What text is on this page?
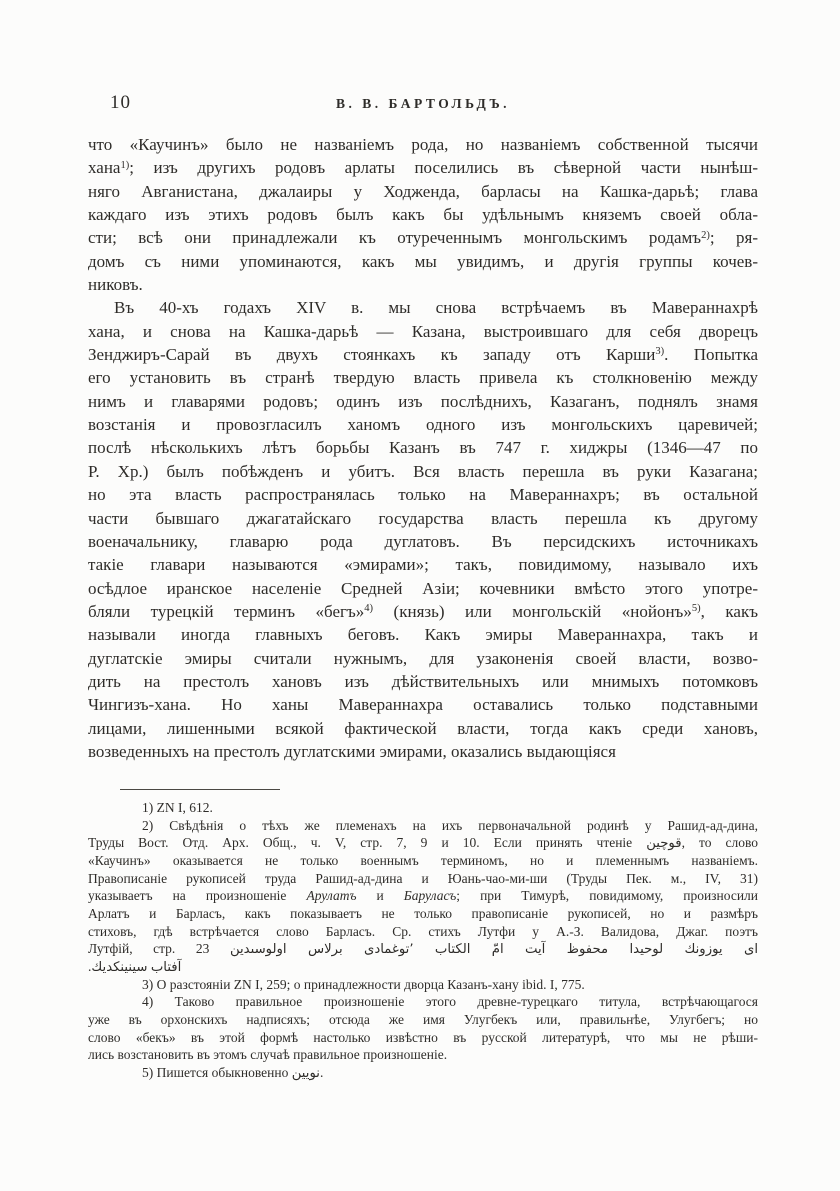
10	В. В. БАРТОЛЬДЪ.
что «Каучинъ» было не названіемъ рода, но названіемъ собственной тысячи
хана$^{1)}$; изъ другихъ родовъ арлаты поселились въ сѣверной части нынѣш-
няго Авганистана, джалаиры у Ходженда, барласы на Кашка-дарьѣ; глава
каждаго изъ этихъ родовъ былъ какъ бы удѣльнымъ княземъ своей обла-
сти; всѣ они принадлежали къ отуреченнымъ монгольскимъ родамъ$^{2)}$; ря-
домъ съ ними упоминаются, какъ мы увидимъ, и другія группы кочев-
никовъ.
Въ 40-хъ годахъ XIV в. мы снова встрѣчаемъ въ Мавераннахрѣ
хана, и снова на Кашка-дарьѣ — Казана, выстроившаго для себя дворецъ
Зенджиръ-Сарай въ двухъ стоянкахъ къ западу отъ Карши$^{3)}$. Попытка
его установить въ странѣ твердую власть привела къ столкновенію между
нимъ и главарями родовъ; одинъ изъ послѣднихъ, Казаганъ, поднялъ знамя
возстанія и провозгласилъ ханомъ одного изъ монгольскихъ царевичей;
послѣ нѣсколькихъ лѣтъ борьбы Казанъ въ 747 г. хиджры (1346—47 по
Р. Хр.) былъ побѣжденъ и убитъ. Вся власть перешла въ руки Казагана;
но эта власть распространялась только на Мавераннахръ; въ остальной
части бывшаго джагатайскаго государства власть перешла къ другому
военачальнику, главарю рода дуглатовъ. Въ персидскихъ источникахъ
такіе главари называются «эмирами»; такъ, повидимому, называло ихъ
осѣдлое иранское населеніе Средней Азіи; кочевники вмѣсто этого употре-
бляли турецкій терминъ «бегъ»$^{4)}$ (князь) или монгольскій «нойонъ»$^{5)}$, какъ
называли иногда главныхъ беговъ. Какъ эмиры Мавераннахра, такъ и
дуглатскіе эмиры считали нужнымъ, для узаконенія своей власти, возво-
дить на престолъ хановъ изъ дѣйствительныхъ или мнимыхъ потомковъ
Чингизъ-хана. Но ханы Мавераннахра оставались только подставными
лицами, лишенными всякой фактической власти, тогда какъ среди хановъ,
возведенныхъ на престолъ дуглатскими эмирами, оказались выдающіяся
1) ZN I, 612.
2) Свѣдѣнія о тѣхъ же племенахъ на ихъ первоначальной родинѣ у Рашид-ад-дина,
Труды Вост. Отд. Арх. Общ., ч. V, стр. 7, 9 и 10. Если принять чтеніе قوچين, то слово
«Каучинъ» оказывается не только военнымъ терминомъ, но и племеннымъ названіемъ.
Правописаніе рукописей труда Рашид-ад-дина и Юань-чао-ми-ши (Труды Пек. м., IV, 31)
указываетъ на произношеніе Арулатъ и Баруласъ; при Тимурѣ, повидимому, произносили
Арлатъ и Барласъ, какъ показываетъ не только правописаніе рукописей, но и размѣръ
стиховъ, гдѣ встрѣчается слово Барласъ. Ср. стихъ Лутфи у А.-З. Валидова, Джаг. поэтъ
Лутфій, стр. 23 اى يوزونك لوحيدا محفوظ آيت امّ الكتاب ٬توغمادى برلاس اولوسىدين
.سينينكديك آفتاب
3) О разстояніи ZN I, 259; о принадлежности дворца Казанъ-хану ibid. I, 775.
4) Таково правильное произношеніе этого древне-турецкаго титула, встрѣчающагося
уже въ орхонскихъ надписяхъ; отсюда же имя Улугбекъ или, правильнѣе, Улугбегъ; но
слово «бекъ» въ этой формѣ настолько извѣстно въ русской литературѣ, что мы не рѣши-
лись возстановить въ этомъ случаѣ правильное произношеніе.
5) Пишется обыкновенно نويين.
